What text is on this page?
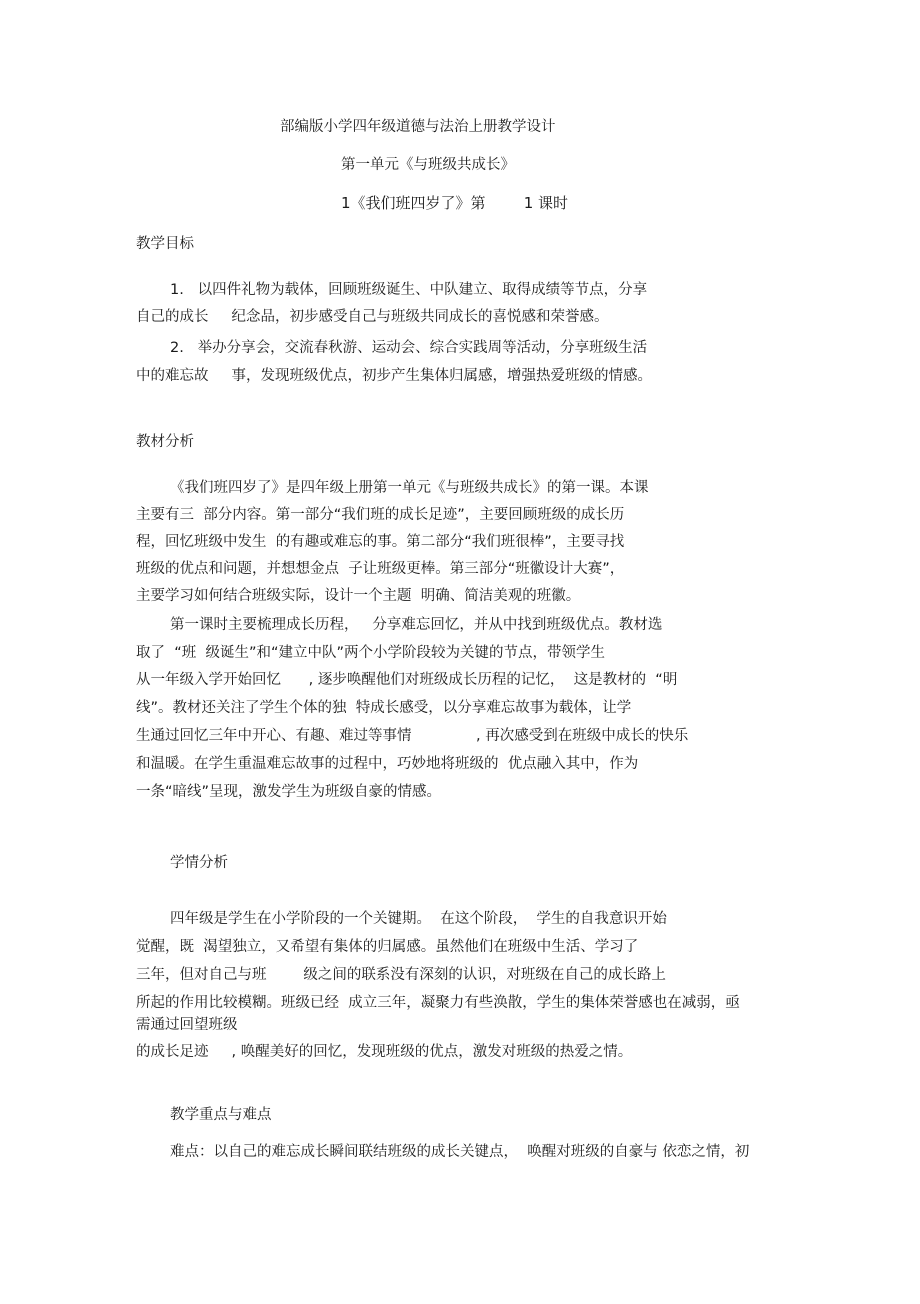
部编版小学四年级道德与法治上册教学设计

第一单元《与班级共成长》

1《我们班四岁了》第        1 课时

教学目标

1.   以四件礼物为载体，回顾班级诞生、中队建立、取得成绩等节点，分享

自己的成长     纪念品，初步感受自己与班级共同成长的喜悦感和荣誉感。

2.   举办分享会，交流春秋游、运动会、综合实践周等活动，分享班级生活

中的难忘故     事，发现班级优点，初步产生集体归属感，增强热爱班级的情感。

教材分析

《我们班四岁了》是四年级上册第一单元《与班级共成长》的第一课。本课

主要有三  部分内容。第一部分“我们班的成长足迹”，主要回顾班级的成长历

程，回忆班级中发生  的有趣或难忘的事。第二部分“我们班很棒”，主要寻找

班级的优点和问题，并想想金点  子让班级更棒。第三部分“班徽设计大赛”，

主要学习如何结合班级实际，设计一个主题  明确、简洁美观的班徽。

第一课时主要梳理成长历程，   分享难忘回忆，并从中找到班级优点。教材选

取了  “班  级诞生”和“建立中队”两个小学阶段较为关键的节点，带领学生

从一年级入学开始回忆      , 逐步唤醒他们对班级成长历程的记忆，  这是教材的  “明

线”。教材还关注了学生个体的独  特成长感受，以分享难忘故事为载体，让学

生通过回忆三年中开心、有趣、难过等事情              , 再次感受到在班级中成长的快乐

和温暖。在学生重温难忘故事的过程中，巧妙地将班级的  优点融入其中，作为

一条“暗线”呈现，激发学生为班级自豪的情感。

学情分析

四年级是学生在小学阶段的一个关键期。  在这个阶段，  学生的自我意识开始

觉醒，既  渴望独立，又希望有集体的归属感。虽然他们在班级中生活、学习了

三年，但对自己与班        级之间的联系没有深刻的认识，对班级在自己的成长路上

所起的作用比较模糊。班级已经  成立三年，凝聚力有些涣散，学生的集体荣誉感也在减弱，亟

需通过回望班级

的成长足迹     , 唤醒美好的回忆，发现班级的优点，激发对班级的热爱之情。

教学重点与难点

难点：以自己的难忘成长瞬间联结班级的成长关键点，  唤醒对班级的自豪与 依恋之情，初
